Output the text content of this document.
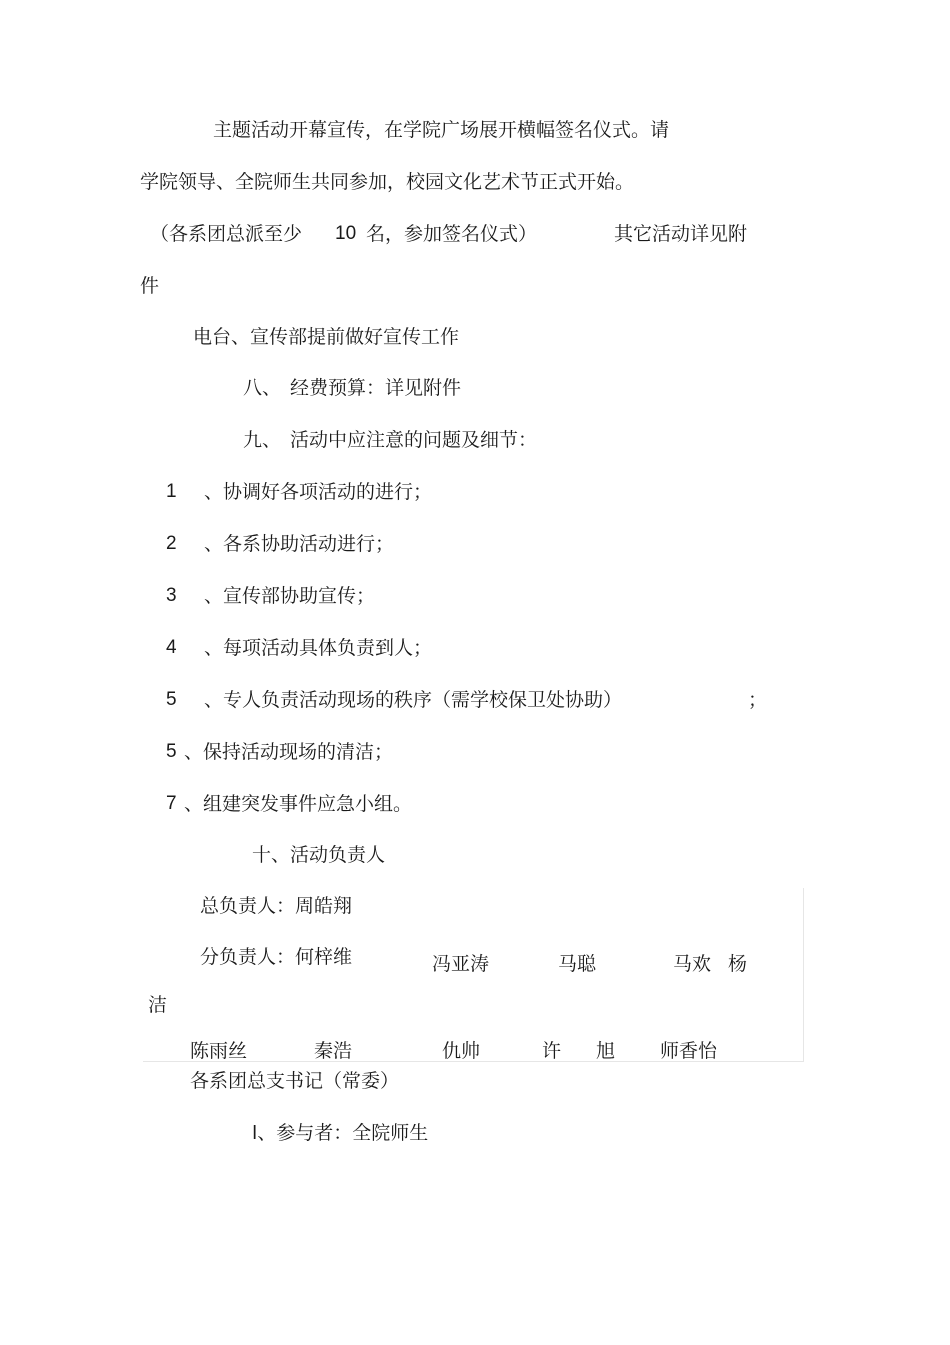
主题活动开幕宣传，在学院广场展开横幅签名仪式。请
学院领导、全院师生共同参加，校园文化艺术节正式开始。
（各系团总派至少 10 名，参加签名仪式）	其它活动详见附
件
电台、宣传部提前做好宣传工作
八、 经费预算：详见附件
九、 活动中应注意的问题及细节：
1 、协调好各项活动的进行；
2 、各系协助活动进行；
3 、宣传部协助宣传；
4 、每项活动具体负责到人；
5 、专人负责活动现场的秩序（需学校保卫处协助）	；
5 、保持活动现场的清洁；
7 、组建突发事件应急小组。
十、活动负责人
总负责人：周皓翔
分负责人：何梓维	冯亚涛	马聪	马欢 杨
洁
陈雨丝	秦浩	仇帅	许 旭 师香怡
各系团总支书记（常委）
l、参与者：全院师生
